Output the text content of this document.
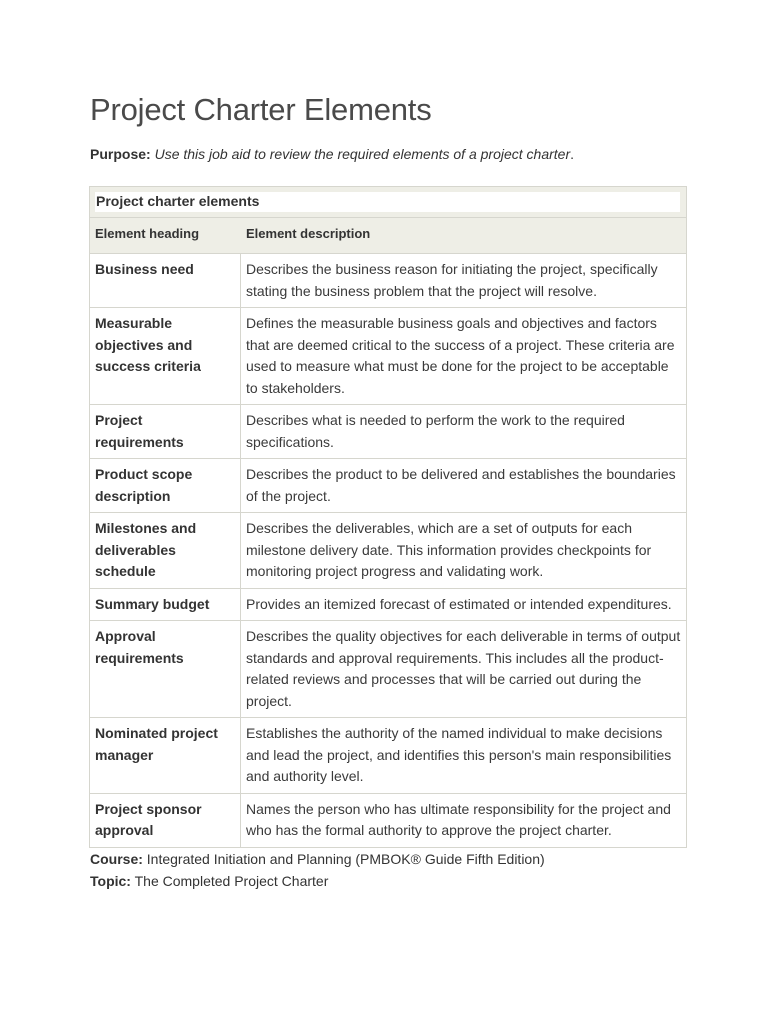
Project Charter Elements

Purpose: Use this job aid to review the required elements of a project charter.

Project charter elements	

Element heading	Element description
Business need	Describes the business reason for initiating the project, specifically stating the business problem that the project will resolve.
Measurable objectives and success criteria	Defines the measurable business goals and objectives and factors that are deemed critical to the success of a project. These criteria are used to measure what must be done for the project to be acceptable to stakeholders.
Project requirements	Describes what is needed to perform the work to the required specifications.
Product scope description	Describes the product to be delivered and establishes the boundaries of the project.
Milestones and deliverables schedule	Describes the deliverables, which are a set of outputs for each milestone delivery date. This information provides checkpoints for monitoring project progress and validating work.
Summary budget	Provides an itemized forecast of estimated or intended expenditures.
Approval requirements	Describes the quality objectives for each deliverable in terms of output standards and approval requirements. This includes all the product-related reviews and processes that will be carried out during the project.
Nominated project manager	Establishes the authority of the named individual to make decisions and lead the project, and identifies this person's main responsibilities and authority level.
Project sponsor approval	Names the person who has ultimate responsibility for the project and who has the formal authority to approve the project charter.
Course: Integrated Initiation and Planning (PMBOK® Guide Fifth Edition)
Topic: The Completed Project Charter
